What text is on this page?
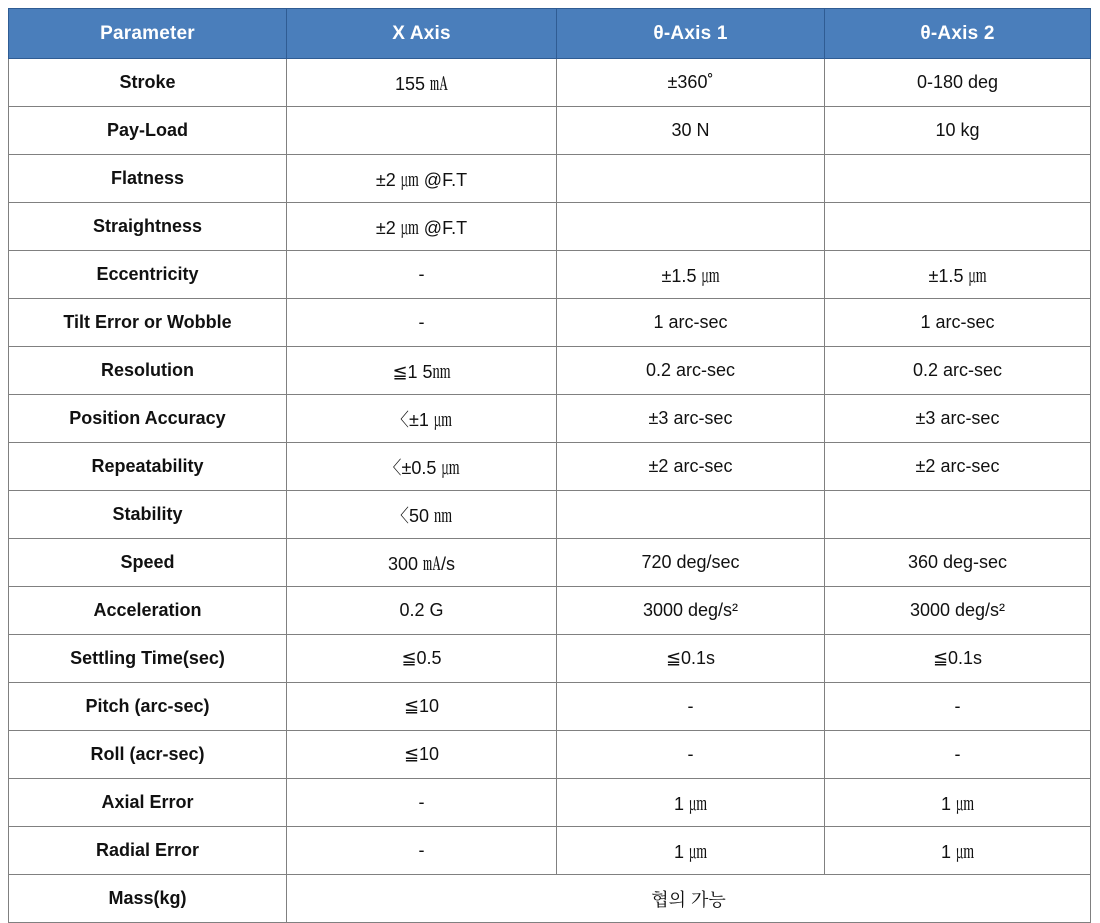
Parameter	X Axis	θ-Axis 1	θ-Axis 2
Stroke	155 ㎃	±360˚	0-180 deg
Pay-Load		30 N	10 kg
Flatness	±2 ㎛ @F.T		
Straightness	±2 ㎛ @F.T		
Eccentricity	-	±1.5 ㎛	±1.5 ㎛
Tilt Error or Wobble	-	1 arc-sec	1 arc-sec
Resolution	≦1 5㎚	0.2 arc-sec	0.2 arc-sec
Position Accuracy	〈±1 ㎛	±3 arc-sec	±3 arc-sec
Repeatability	〈±0.5 ㎛	±2 arc-sec	±2 arc-sec
Stability	〈50 ㎚		
Speed	300 ㎃/s	720 deg/sec	360 deg-sec
Acceleration	0.2 G	3000 deg/s²	3000 deg/s²
Settling Time(sec)	≦0.5	≦0.1s	≦0.1s
Pitch (arc-sec)	≦10	-	-
Roll (acr-sec)	≦10	-	-
Axial Error	-	1 ㎛	1 ㎛
Radial Error	-	1 ㎛	1 ㎛
Mass(kg)	협의 가능		
